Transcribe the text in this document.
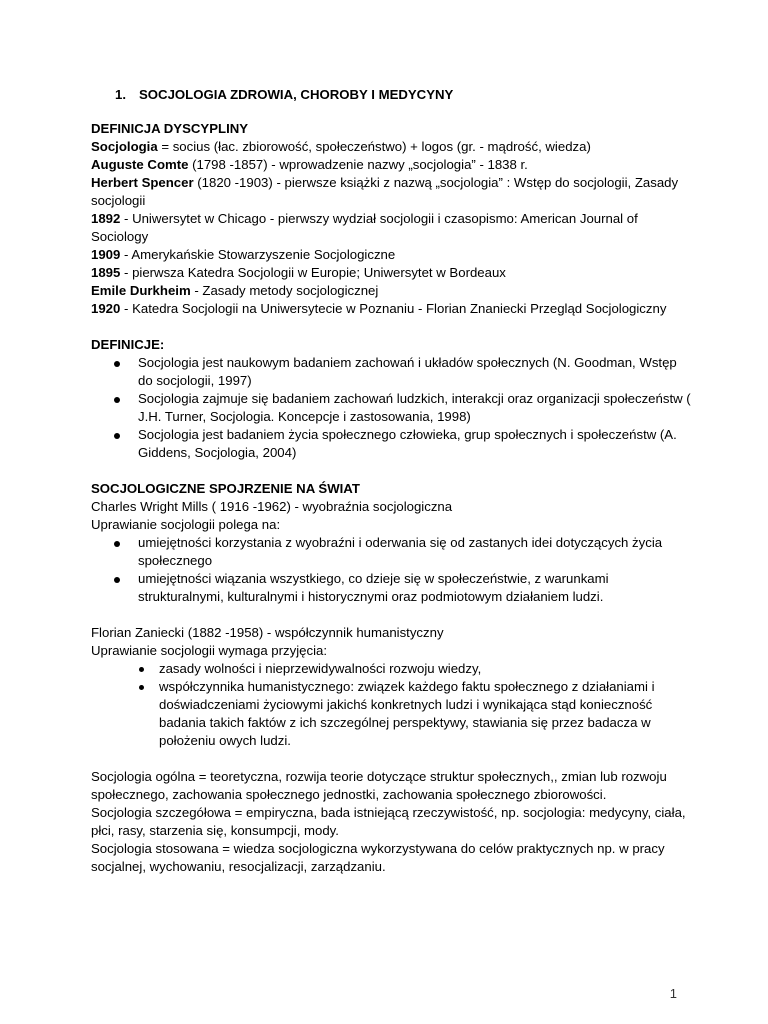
1. SOCJOLOGIA ZDROWIA, CHOROBY I MEDYCYNY

DEFINICJA DYSCYPLINY

Socjologia = socius (łac. zbiorowość, społeczeństwo) + logos (gr. - mądrość, wiedza)

Auguste Comte (1798 -1857) - wprowadzenie nazwy „socjologia” - 1838 r.

Herbert Spencer (1820 -1903) - pierwsze książki z nazwą „socjologia” : Wstęp do socjologii, Zasady socjologii

1892 - Uniwersytet w Chicago - pierwszy wydział socjologii i czasopismo: American Journal of Sociology

1909 - Amerykańskie Stowarzyszenie Socjologiczne

1895 - pierwsza Katedra Socjologii w Europie; Uniwersytet w Bordeaux

Emile Durkheim - Zasady metody socjologicznej

1920 - Katedra Socjologii na Uniwersytecie w Poznaniu - Florian Znaniecki Przegląd Socjologiczny

DEFINICJE:

Socjologia jest naukowym badaniem zachowań i układów społecznych (N. Goodman, Wstęp do socjologii, 1997)
Socjologia zajmuje się badaniem zachowań ludzkich, interakcji oraz organizacji społeczeństw ( J.H. Turner, Socjologia. Koncepcje i zastosowania, 1998)
Socjologia jest badaniem życia społecznego człowieka, grup społecznych i społeczeństw (A. Giddens, Socjologia, 2004)

SOCJOLOGICZNE SPOJRZENIE NA ŚWIAT

Charles Wright Mills ( 1916 -1962) - wyobraźnia socjologiczna

Uprawianie socjologii polega na:

umiejętności korzystania z wyobraźni i oderwania się od zastanych idei dotyczących życia społecznego
umiejętności wiązania wszystkiego, co dzieje się w społeczeństwie, z warunkami strukturalnymi, kulturalnymi i historycznymi oraz podmiotowym działaniem ludzi.

Florian Zaniecki (1882 -1958) - współczynnik humanistyczny

Uprawianie socjologii wymaga przyjęcia:

zasady wolności i nieprzewidywalności rozwoju wiedzy,
współczynnika humanistycznego: związek każdego faktu społecznego z działaniami i doświadczeniami życiowymi jakichś konkretnych ludzi i wynikająca stąd konieczność badania takich faktów z ich szczególnej perspektywy, stawiania się przez badacza w położeniu owych ludzi.

Socjologia ogólna = teoretyczna, rozwija teorie dotyczące struktur społecznych,, zmian lub rozwoju społecznego, zachowania społecznego jednostki, zachowania społecznego zbiorowości.

Socjologia szczegółowa = empiryczna, bada istniejącą rzeczywistość, np. socjologia: medycyny, ciała, płci, rasy, starzenia się, konsumpcji, mody.

Socjologia stosowana = wiedza socjologiczna wykorzystywana do celów praktycznych np. w pracy socjalnej, wychowaniu, resocjalizacji, zarządzaniu.

1
